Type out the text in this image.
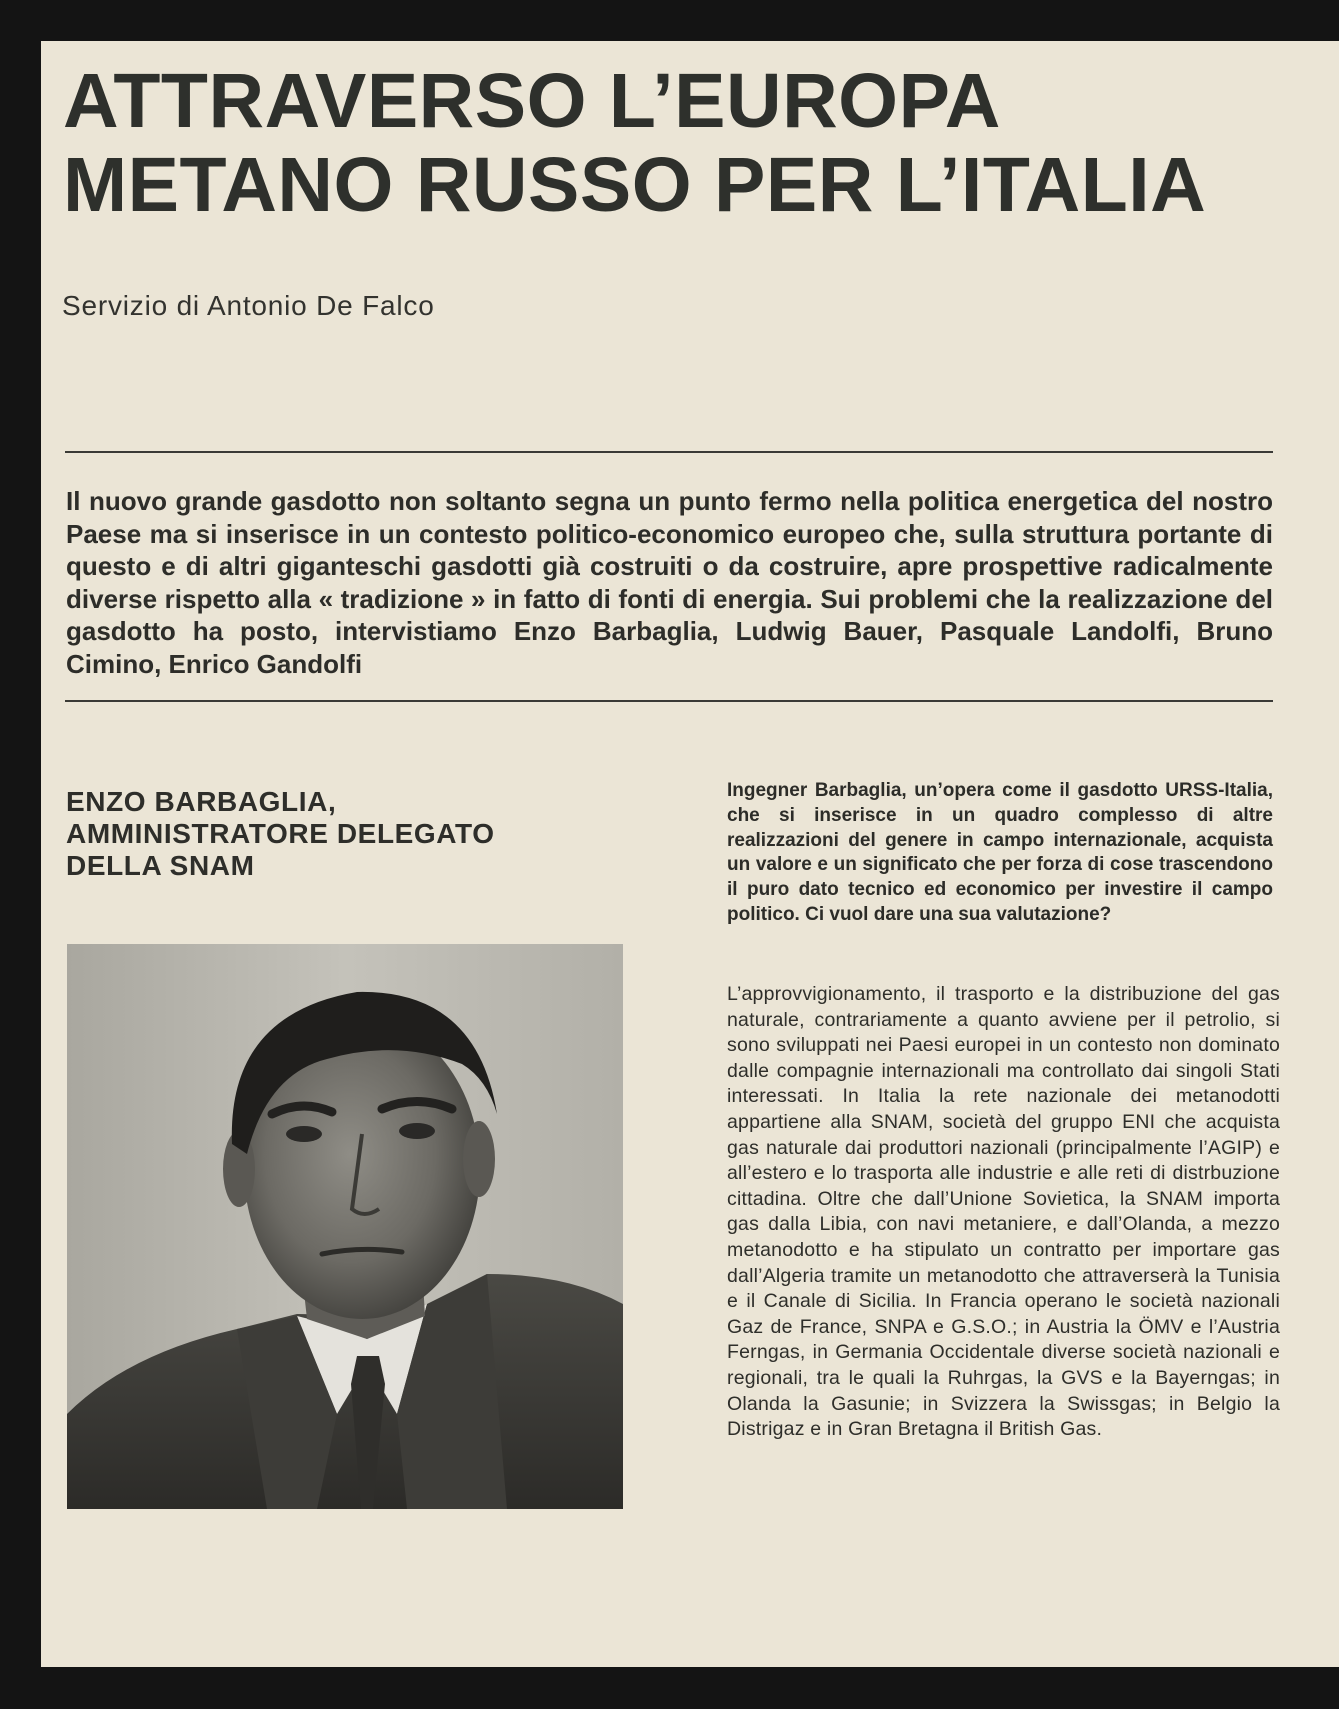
ATTRAVERSO L’EUROPA
METANO RUSSO PER L’ITALIA
Servizio di Antonio De Falco

Il nuovo grande gasdotto non soltanto segna un punto fermo nella politica energetica del nostro Paese ma si inserisce in un contesto politico-economico europeo che, sulla struttura portante di questo e di altri giganteschi gasdotti già costruiti o da costruire, apre prospettive radicalmente diverse rispetto alla « tradizione » in fatto di fonti di energia. Sui problemi che la realizzazione del gasdotto ha posto, intervistiamo Enzo Barbaglia, Ludwig Bauer, Pasquale Landolfi, Bruno Cimino, Enrico Gandolfi

ENZO BARBAGLIA,
AMMINISTRATORE DELEGATO
DELLA SNAM

Ingegner Barbaglia, un’opera come il gasdotto URSS-Italia, che si inserisce in un quadro complesso di altre realizzazioni del genere in campo internazionale, acquista un valore e un significato che per forza di cose trascendono il puro dato tecnico ed economico per investire il campo politico. Ci vuol dare una sua valutazione?

L’approvvigionamento, il trasporto e la distribuzione del gas naturale, contrariamente a quanto avviene per il petrolio, si sono sviluppati nei Paesi europei in un contesto non dominato dalle compagnie internazionali ma controllato dai singoli Stati interessati. In Italia la rete nazionale dei metanodotti appartiene alla SNAM, società del gruppo ENI che acquista gas naturale dai produttori nazionali (principalmente l’AGIP) e all’estero e lo trasporta alle industrie e alle reti di distrbuzione cittadina. Oltre che dall’Unione Sovietica, la SNAM importa gas dalla Libia, con navi metaniere, e dall’Olanda, a mezzo metanodotto e ha stipulato un contratto per importare gas dall’Algeria tramite un metanodotto che attraverserà la Tunisia e il Canale di Sicilia. In Francia operano le società nazionali Gaz de France, SNPA e G.S.O.; in Austria la ÖMV e l’Austria Ferngas, in Germania Occidentale diverse società nazionali e regionali, tra le quali la Ruhrgas, la GVS e la Bayerngas; in Olanda la Gasunie; in Svizzera la Swissgas; in Belgio la Distrigaz e in Gran Bretagna il British Gas.
